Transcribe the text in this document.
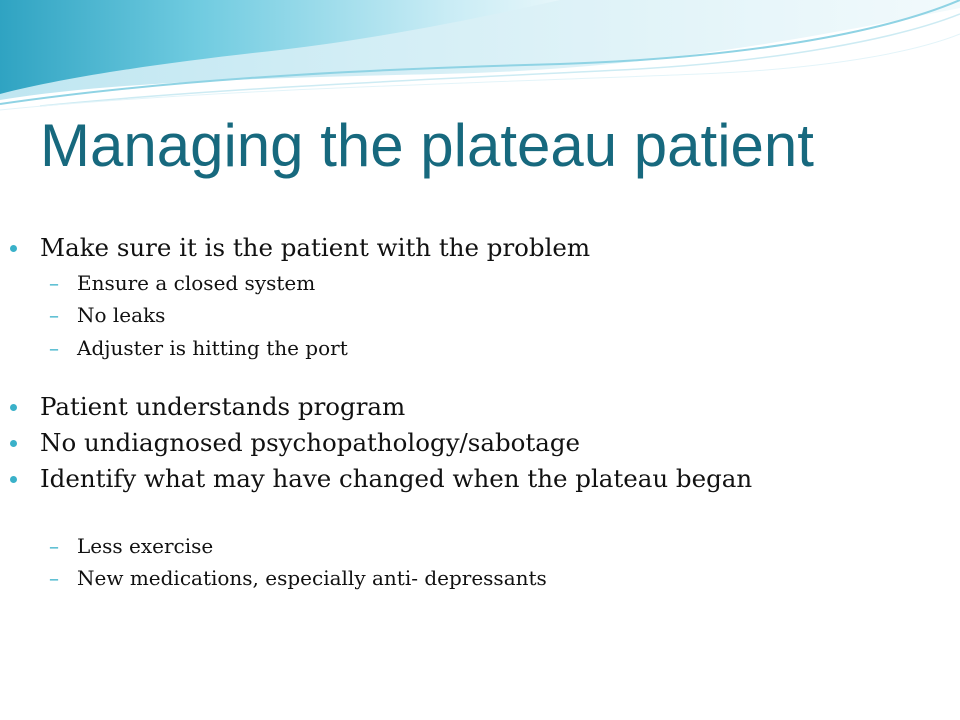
Managing the plateau patient
Make sure it is the patient with the problem
– Ensure a closed system
– No leaks
– Adjuster is hitting the port
Patient understands program
No undiagnosed psychopathology/sabotage
Identify what may have changed when the plateau began
– Less exercise
– New medications, especially anti- depressants
